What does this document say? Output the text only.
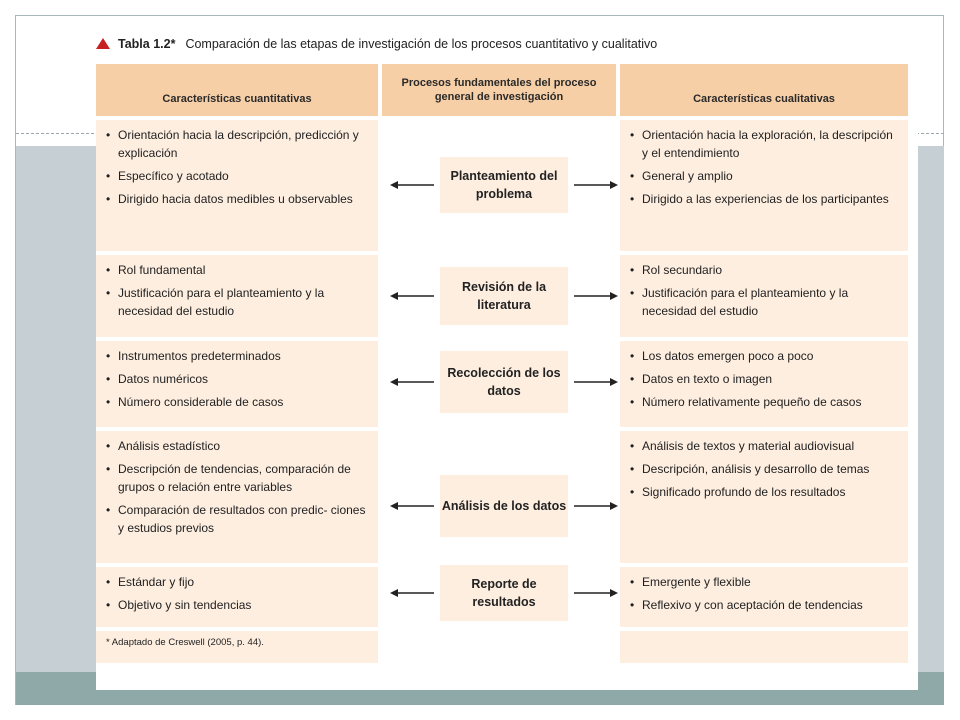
Tabla 1.2* Comparación de las etapas de investigación de los procesos cuantitativo y cualitativo
Características cuantitativas
Procesos fundamentales del proceso general de investigación	Características cualitativas
• Orientación hacia la descripción, predicción y explicación
• Específico y acotado
• Dirigido hacia datos medibles u observables
• Orientación hacia la exploración, la descripción y el entendimiento
• General y amplio
• Dirigido a las experiencias de los participantes
Planteamiento del problema
• Rol fundamental
• Justificación para el planteamiento y la necesidad del estudio
• Rol secundario
• Justificación para el planteamiento y la necesidad del estudio
Revisión de la literatura
• Instrumentos predeterminados
• Datos numéricos
• Número considerable de casos
• Los datos emergen poco a poco
• Datos en texto o imagen
• Número relativamente pequeño de casos
Recolección de los datos
• Análisis estadístico
• Descripción de tendencias, comparación de grupos o relación entre variables
• Comparación de resultados con predic- ciones y estudios previos
• Análisis de textos y material audiovisual
• Descripción, análisis y desarrollo de temas
• Significado profundo de los resultados
Análisis de los datos
• Estándar y fijo
• Objetivo y sin tendencias
• Emergente y flexible
• Reflexivo y con aceptación de tendencias
Reporte de resultados
* Adaptado de Creswell (2005, p. 44).
